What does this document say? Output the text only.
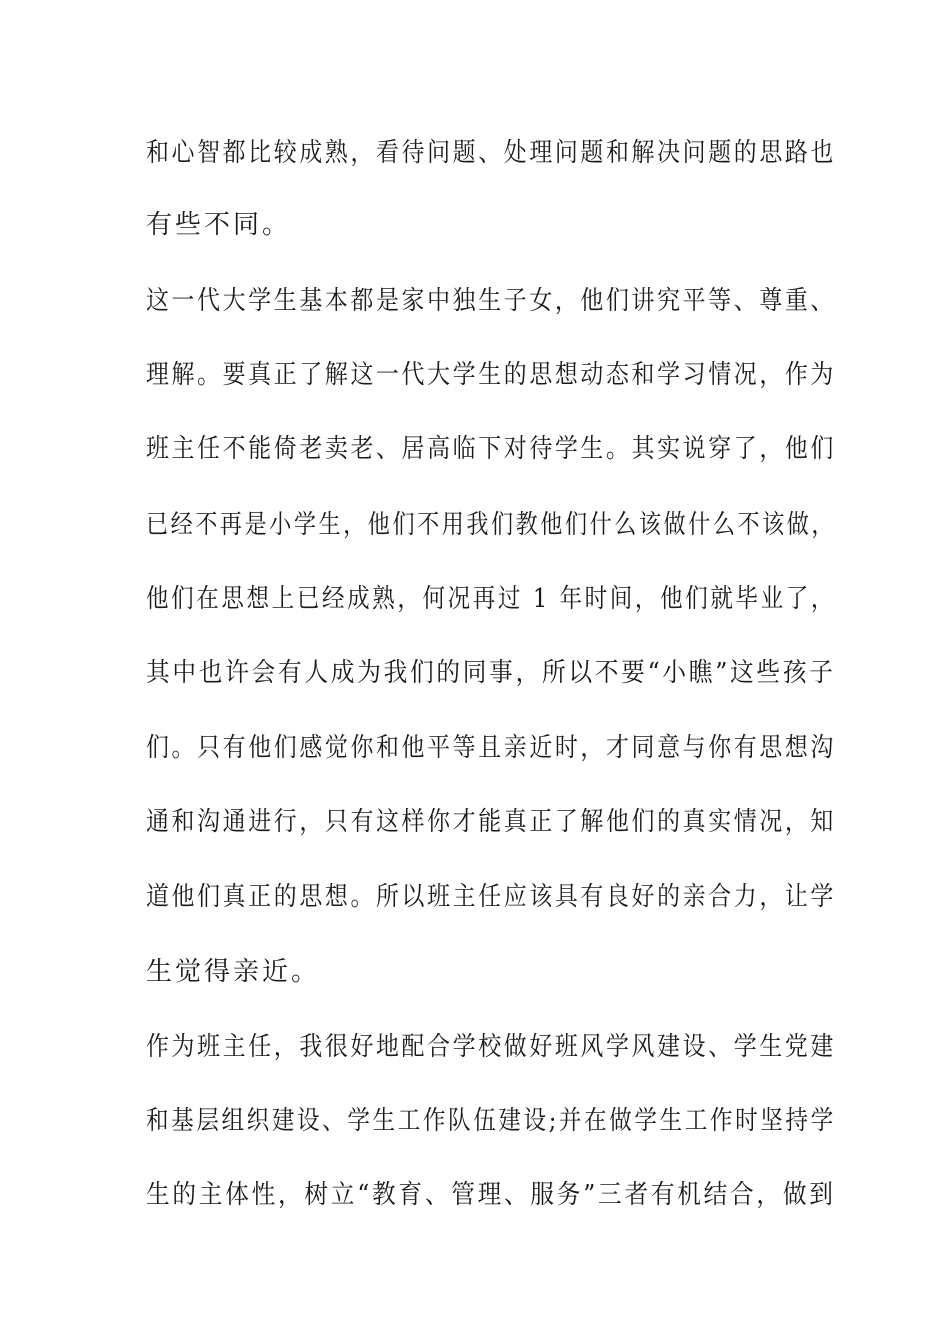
和心智都比较成熟，看待问题、处理问题和解决问题的思路也

有些不同。

这一代大学生基本都是家中独生子女，他们讲究平等、尊重、

理解。要真正了解这一代大学生的思想动态和学习情况，作为

班主任不能倚老卖老、居高临下对待学生。其实说穿了，他们

已经不再是小学生，他们不用我们教他们什么该做什么不该做，

他们在思想上已经成熟，何况再过 1 年时间，他们就毕业了，

其中也许会有人成为我们的同事，所以不要“小瞧”这些孩子

们。只有他们感觉你和他平等且亲近时，才同意与你有思想沟

通和沟通进行，只有这样你才能真正了解他们的真实情况，知

道他们真正的思想。所以班主任应该具有良好的亲合力，让学

生觉得亲近。

作为班主任，我很好地配合学校做好班风学风建设、学生党建

和基层组织建设、学生工作队伍建设;并在做学生工作时坚持学

生的主体性，树立“教育、管理、服务”三者有机结合，做到
